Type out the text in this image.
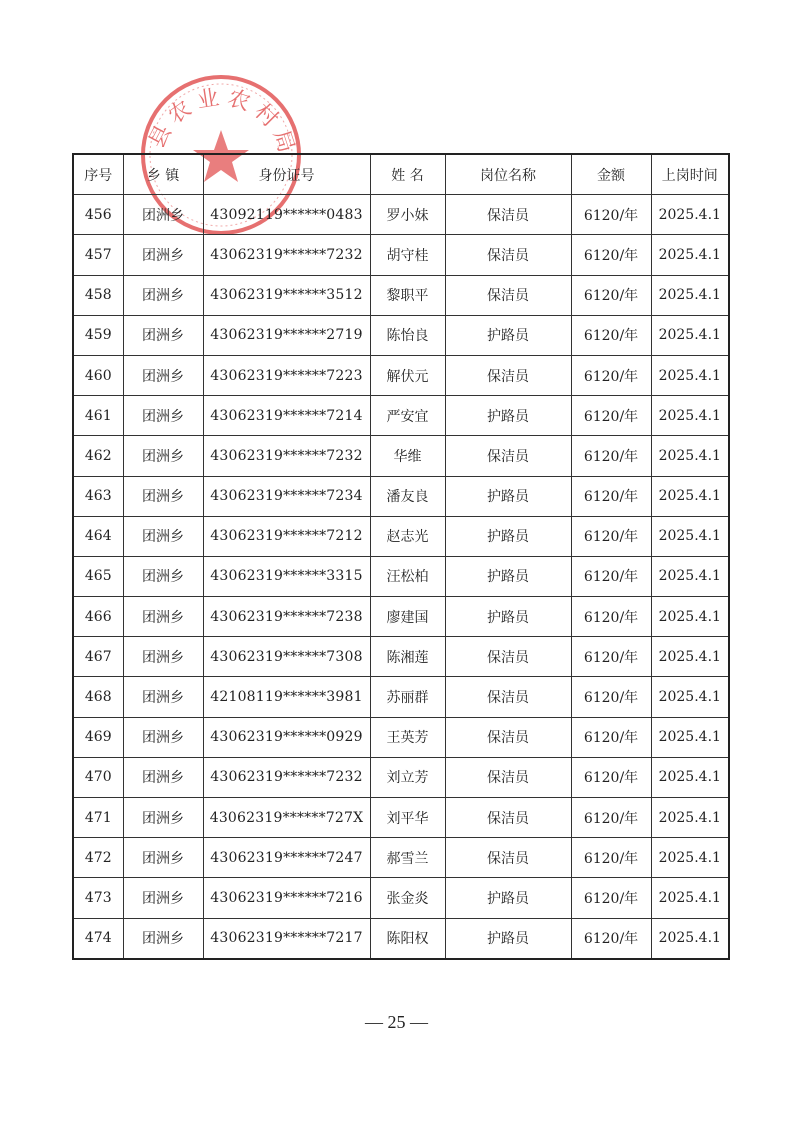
县农业农村局
序号	乡 镇	身份证号	姓 名	岗位名称	金额	上岗时间
456	团洲乡	43092119******0483	罗小妹	保洁员	6120/年	2025.4.1
457	团洲乡	43062319******7232	胡守桂	保洁员	6120/年	2025.4.1
458	团洲乡	43062319******3512	黎职平	保洁员	6120/年	2025.4.1
459	团洲乡	43062319******2719	陈怡良	护路员	6120/年	2025.4.1
460	团洲乡	43062319******7223	解伏元	保洁员	6120/年	2025.4.1
461	团洲乡	43062319******7214	严安宜	护路员	6120/年	2025.4.1
462	团洲乡	43062319******7232	华维	保洁员	6120/年	2025.4.1
463	团洲乡	43062319******7234	潘友良	护路员	6120/年	2025.4.1
464	团洲乡	43062319******7212	赵志光	护路员	6120/年	2025.4.1
465	团洲乡	43062319******3315	汪松柏	护路员	6120/年	2025.4.1
466	团洲乡	43062319******7238	廖建国	护路员	6120/年	2025.4.1
467	团洲乡	43062319******7308	陈湘莲	保洁员	6120/年	2025.4.1
468	团洲乡	42108119******3981	苏丽群	保洁员	6120/年	2025.4.1
469	团洲乡	43062319******0929	王英芳	保洁员	6120/年	2025.4.1
470	团洲乡	43062319******7232	刘立芳	保洁员	6120/年	2025.4.1
471	团洲乡	43062319******727X	刘平华	保洁员	6120/年	2025.4.1
472	团洲乡	43062319******7247	郝雪兰	保洁员	6120/年	2025.4.1
473	团洲乡	43062319******7216	张金炎	护路员	6120/年	2025.4.1
474	团洲乡	43062319******7217	陈阳权	护路员	6120/年	2025.4.1
— 25 —
